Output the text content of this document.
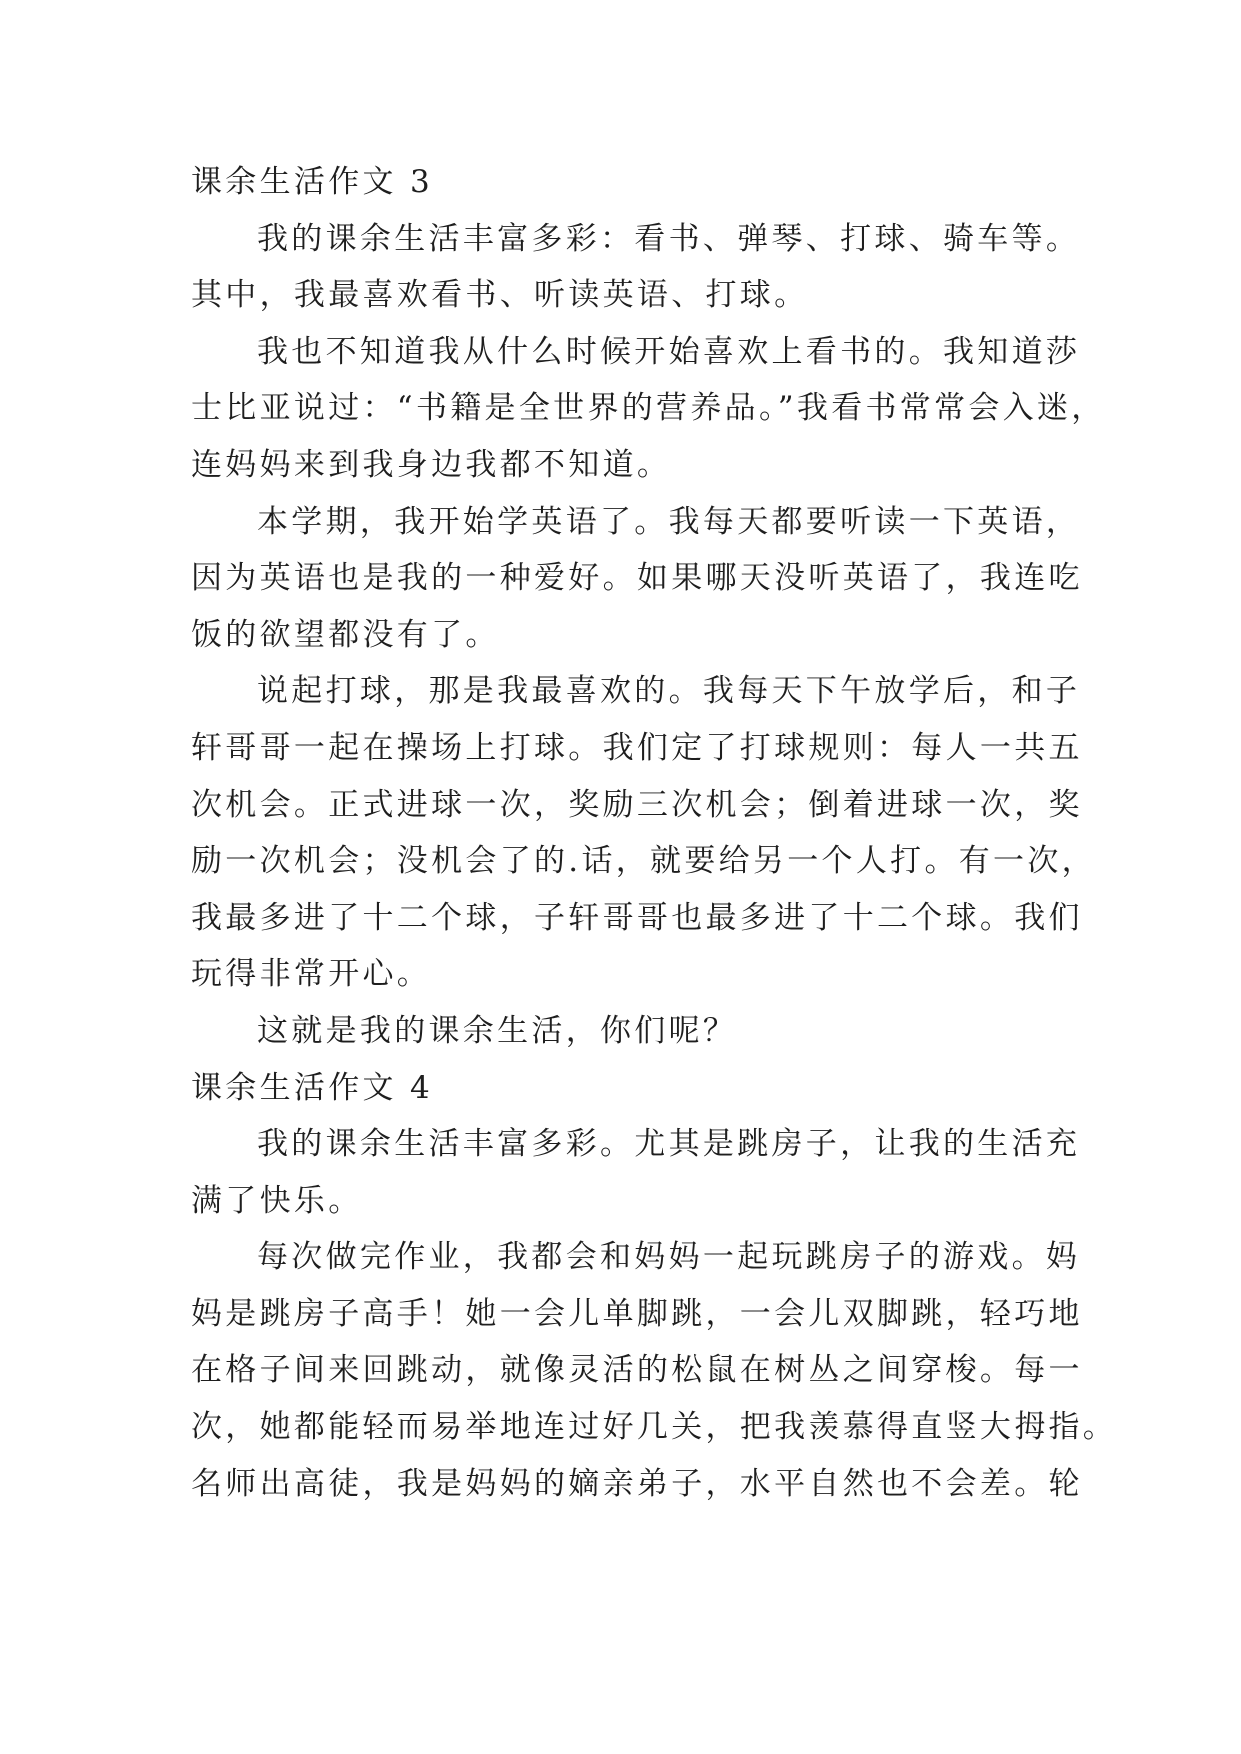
课余生活作文 3
我的课余生活丰富多彩：看书、弹琴、打球、骑车等。
其中，我最喜欢看书、听读英语、打球。
我也不知道我从什么时候开始喜欢上看书的。我知道莎
士比亚说过：“书籍是全世界的营养品。”我看书常常会入迷，
连妈妈来到我身边我都不知道。
本学期，我开始学英语了。我每天都要听读一下英语，
因为英语也是我的一种爱好。如果哪天没听英语了，我连吃
饭的欲望都没有了。
说起打球，那是我最喜欢的。我每天下午放学后，和子
轩哥哥一起在操场上打球。我们定了打球规则：每人一共五
次机会。正式进球一次，奖励三次机会；倒着进球一次，奖
励一次机会；没机会了的.话，就要给另一个人打。有一次，
我最多进了十二个球，子轩哥哥也最多进了十二个球。我们
玩得非常开心。
这就是我的课余生活，你们呢？
课余生活作文 4
我的课余生活丰富多彩。尤其是跳房子，让我的生活充
满了快乐。
每次做完作业，我都会和妈妈一起玩跳房子的游戏。妈
妈是跳房子高手！她一会儿单脚跳，一会儿双脚跳，轻巧地
在格子间来回跳动，就像灵活的松鼠在树丛之间穿梭。每一
次，她都能轻而易举地连过好几关，把我羡慕得直竖大拇指。
名师出高徒，我是妈妈的嫡亲弟子，水平自然也不会差。轮
